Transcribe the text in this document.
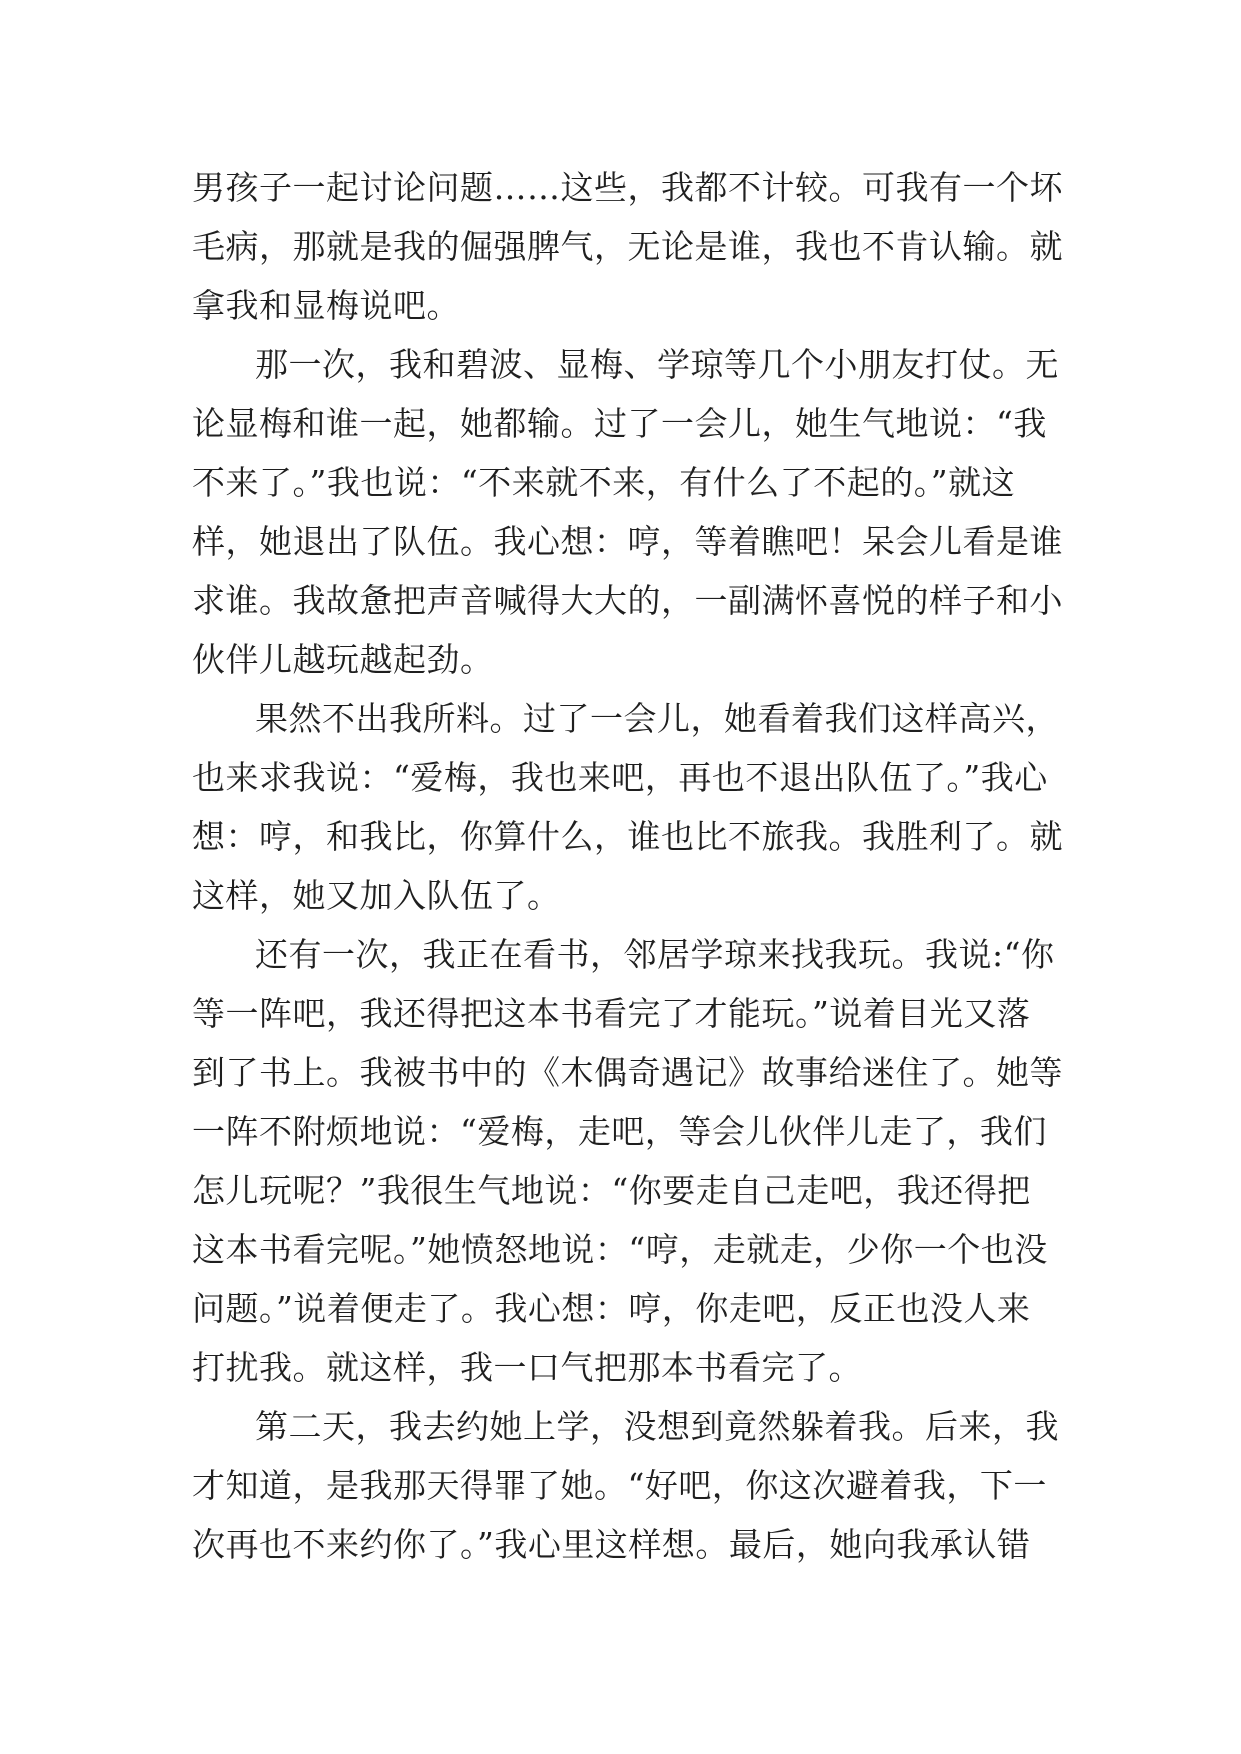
男孩子一起讨论问题……这些，我都不计较。可我有一个坏
毛病，那就是我的倔强脾气，无论是谁，我也不肯认输。就
拿我和显梅说吧。
那一次，我和碧波、显梅、学琼等几个小朋友打仗。无
论显梅和谁一起，她都输。过了一会儿，她生气地说：“我
不来了。”我也说：“不来就不来，有什么了不起的。”就这
样，她退出了队伍。我心想：哼，等着瞧吧！呆会儿看是谁
求谁。我故惫把声音喊得大大的，一副满怀喜悦的样子和小
伙伴儿越玩越起劲。
果然不出我所料。过了一会儿，她看着我们这样高兴，
也来求我说：“爱梅，我也来吧，再也不退出队伍了。”我心
想：哼，和我比，你算什么，谁也比不旅我。我胜利了。就
这样，她又加入队伍了。
还有一次，我正在看书，邻居学琼来找我玩。我说:“你
等一阵吧，我还得把这本书看完了才能玩。”说着目光又落
到了书上。我被书中的《木偶奇遇记》故事给迷住了。她等
一阵不附烦地说：“爱梅，走吧，等会儿伙伴儿走了，我们
怎儿玩呢？”我很生气地说：“你要走自己走吧，我还得把
这本书看完呢。”她愤怒地说：“哼，走就走，少你一个也没
问题。”说着便走了。我心想：哼，你走吧，反正也没人来
打扰我。就这样，我一口气把那本书看完了。
第二天，我去约她上学，没想到竟然躲着我。后来，我
才知道，是我那天得罪了她。“好吧，你这次避着我，下一
次再也不来约你了。”我心里这样想。最后，她向我承认错
